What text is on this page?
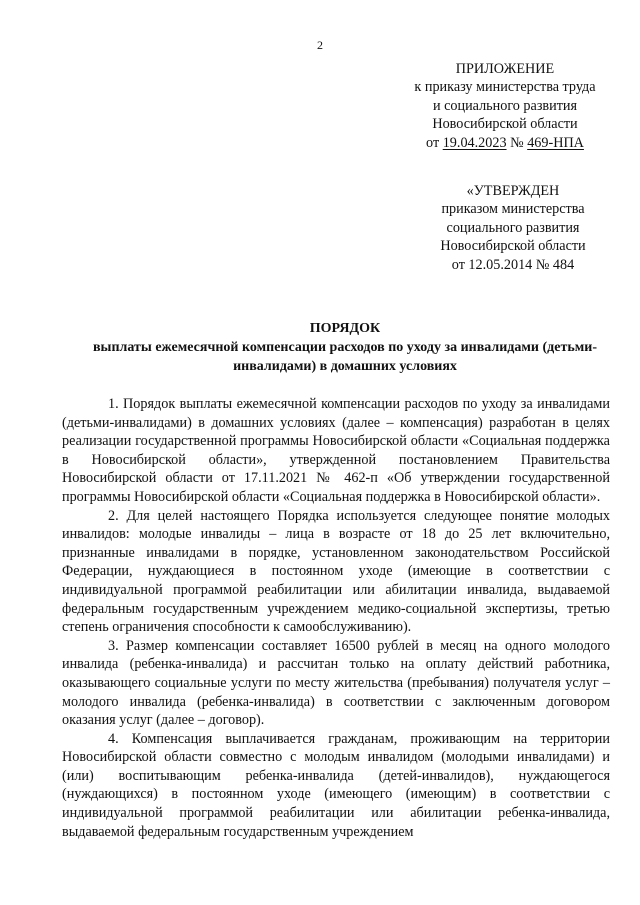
2
ПРИЛОЖЕНИЕ
к приказу министерства труда
и социального развития
Новосибирской области
от 19.04.2023 № 469-НПА
«УТВЕРЖДЕН
приказом министерства
социального развития
Новосибирской области
от 12.05.2014 № 484
ПОРЯДОК
выплаты ежемесячной компенсации расходов по уходу за инвалидами (детьми-инвалидами) в домашних условиях

1. Порядок выплаты ежемесячной компенсации расходов по уходу за инвалидами (детьми-инвалидами) в домашних условиях (далее – компенсация) разработан в целях реализации государственной программы Новосибирской области «Социальная поддержка в Новосибирской области», утвержденной постановлением Правительства Новосибирской области от 17.11.2021 № 462-п «Об утверждении государственной программы Новосибирской области «Социальная поддержка в Новосибирской области».

2. Для целей настоящего Порядка используется следующее понятие молодых инвалидов: молодые инвалиды – лица в возрасте от 18 до 25 лет включительно, признанные инвалидами в порядке, установленном законодательством Российской Федерации, нуждающиеся в постоянном уходе (имеющие в соответствии с индивидуальной программой реабилитации или абилитации инвалида, выдаваемой федеральным государственным учреждением медико-социальной экспертизы, третью степень ограничения способности к самообслуживанию).

3. Размер компенсации составляет 16500 рублей в месяц на одного молодого инвалида (ребенка-инвалида) и рассчитан только на оплату действий работника, оказывающего социальные услуги по месту жительства (пребывания) получателя услуг – молодого инвалида (ребенка-инвалида) в соответствии с заключенным договором оказания услуг (далее – договор).

4. Компенсация выплачивается гражданам, проживающим на территории Новосибирской области совместно с молодым инвалидом (молодыми инвалидами) и (или) воспитывающим ребенка-инвалида (детей-инвалидов), нуждающегося (нуждающихся) в постоянном уходе (имеющего (имеющим) в соответствии с индивидуальной программой реабилитации или абилитации ребенка-инвалида, выдаваемой федеральным государственным учреждением
